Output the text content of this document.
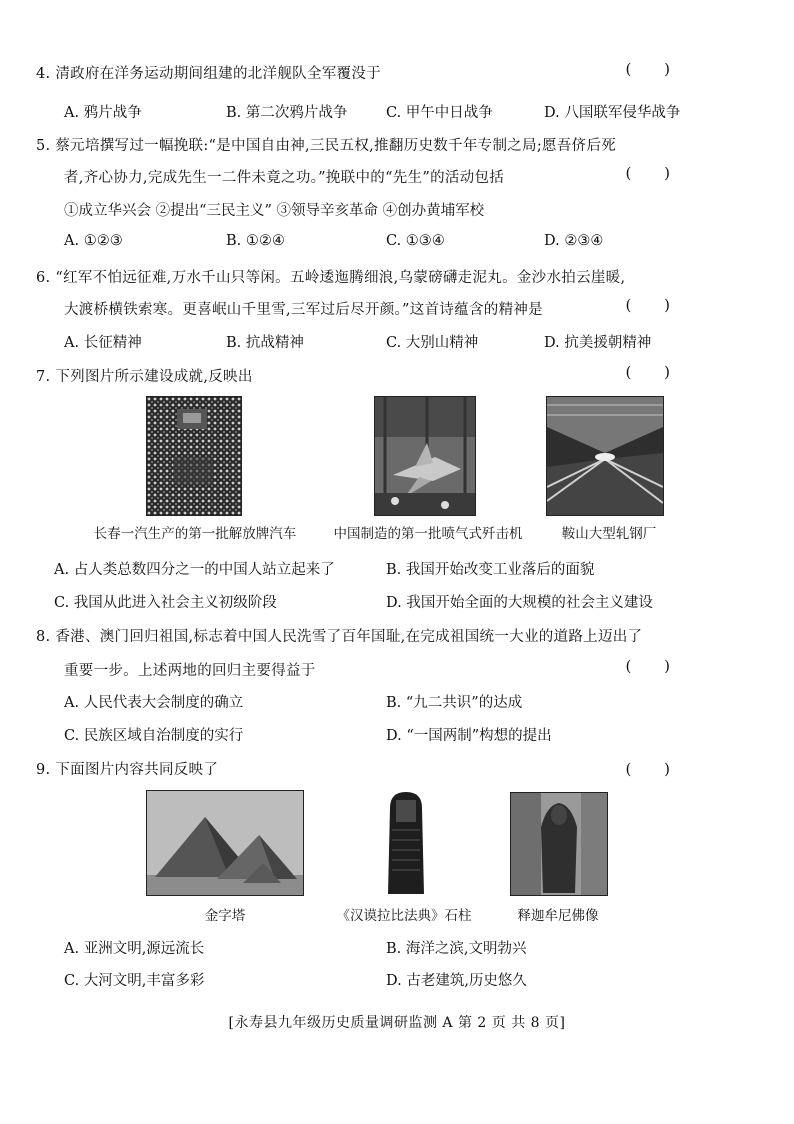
4. 清政府在洋务运动期间组建的北洋舰队全军覆没于	( )
A. 鸦片战争	B. 第二次鸦片战争	C. 甲午中日战争	D. 八国联军侵华战争
5. 蔡元培撰写过一幅挽联:“是中国自由神,三民五权,推翻历史数千年专制之局;愿吾侪后死
者,齐心协力,完成先生一二件未竟之功。”挽联中的“先生”的活动包括	( )
①成立华兴会 ②提出“三民主义” ③领导辛亥革命 ④创办黄埔军校
A. ①②③	B. ①②④	C. ①③④	D. ②③④
6. “红军不怕远征难,万水千山只等闲。五岭逶迤腾细浪,乌蒙磅礴走泥丸。金沙水拍云崖暖,
大渡桥横铁索寒。更喜岷山千里雪,三军过后尽开颜。”这首诗蕴含的精神是	( )
A. 长征精神	B. 抗战精神	C. 大别山精神	D. 抗美援朝精神
7. 下列图片所示建设成就,反映出	( )
长春一汽生产的第一批解放牌汽车	中国制造的第一批喷气式歼击机	鞍山大型轧钢厂
A. 占人类总数四分之一的中国人站立起来了	B. 我国开始改变工业落后的面貌
C. 我国从此进入社会主义初级阶段	D. 我国开始全面的大规模的社会主义建设
8. 香港、澳门回归祖国,标志着中国人民洗雪了百年国耻,在完成祖国统一大业的道路上迈出了
重要一步。上述两地的回归主要得益于	( )
A. 人民代表大会制度的确立	B. “九二共识”的达成
C. 民族区域自治制度的实行	D. “一国两制”构想的提出
9. 下面图片内容共同反映了	( )
金字塔	《汉谟拉比法典》石柱	释迦牟尼佛像
A. 亚洲文明,源远流长	B. 海洋之滨,文明勃兴
C. 大河文明,丰富多彩	D. 古老建筑,历史悠久
[永寿县九年级历史质量调研监测 A 第 2 页 共 8 页]
